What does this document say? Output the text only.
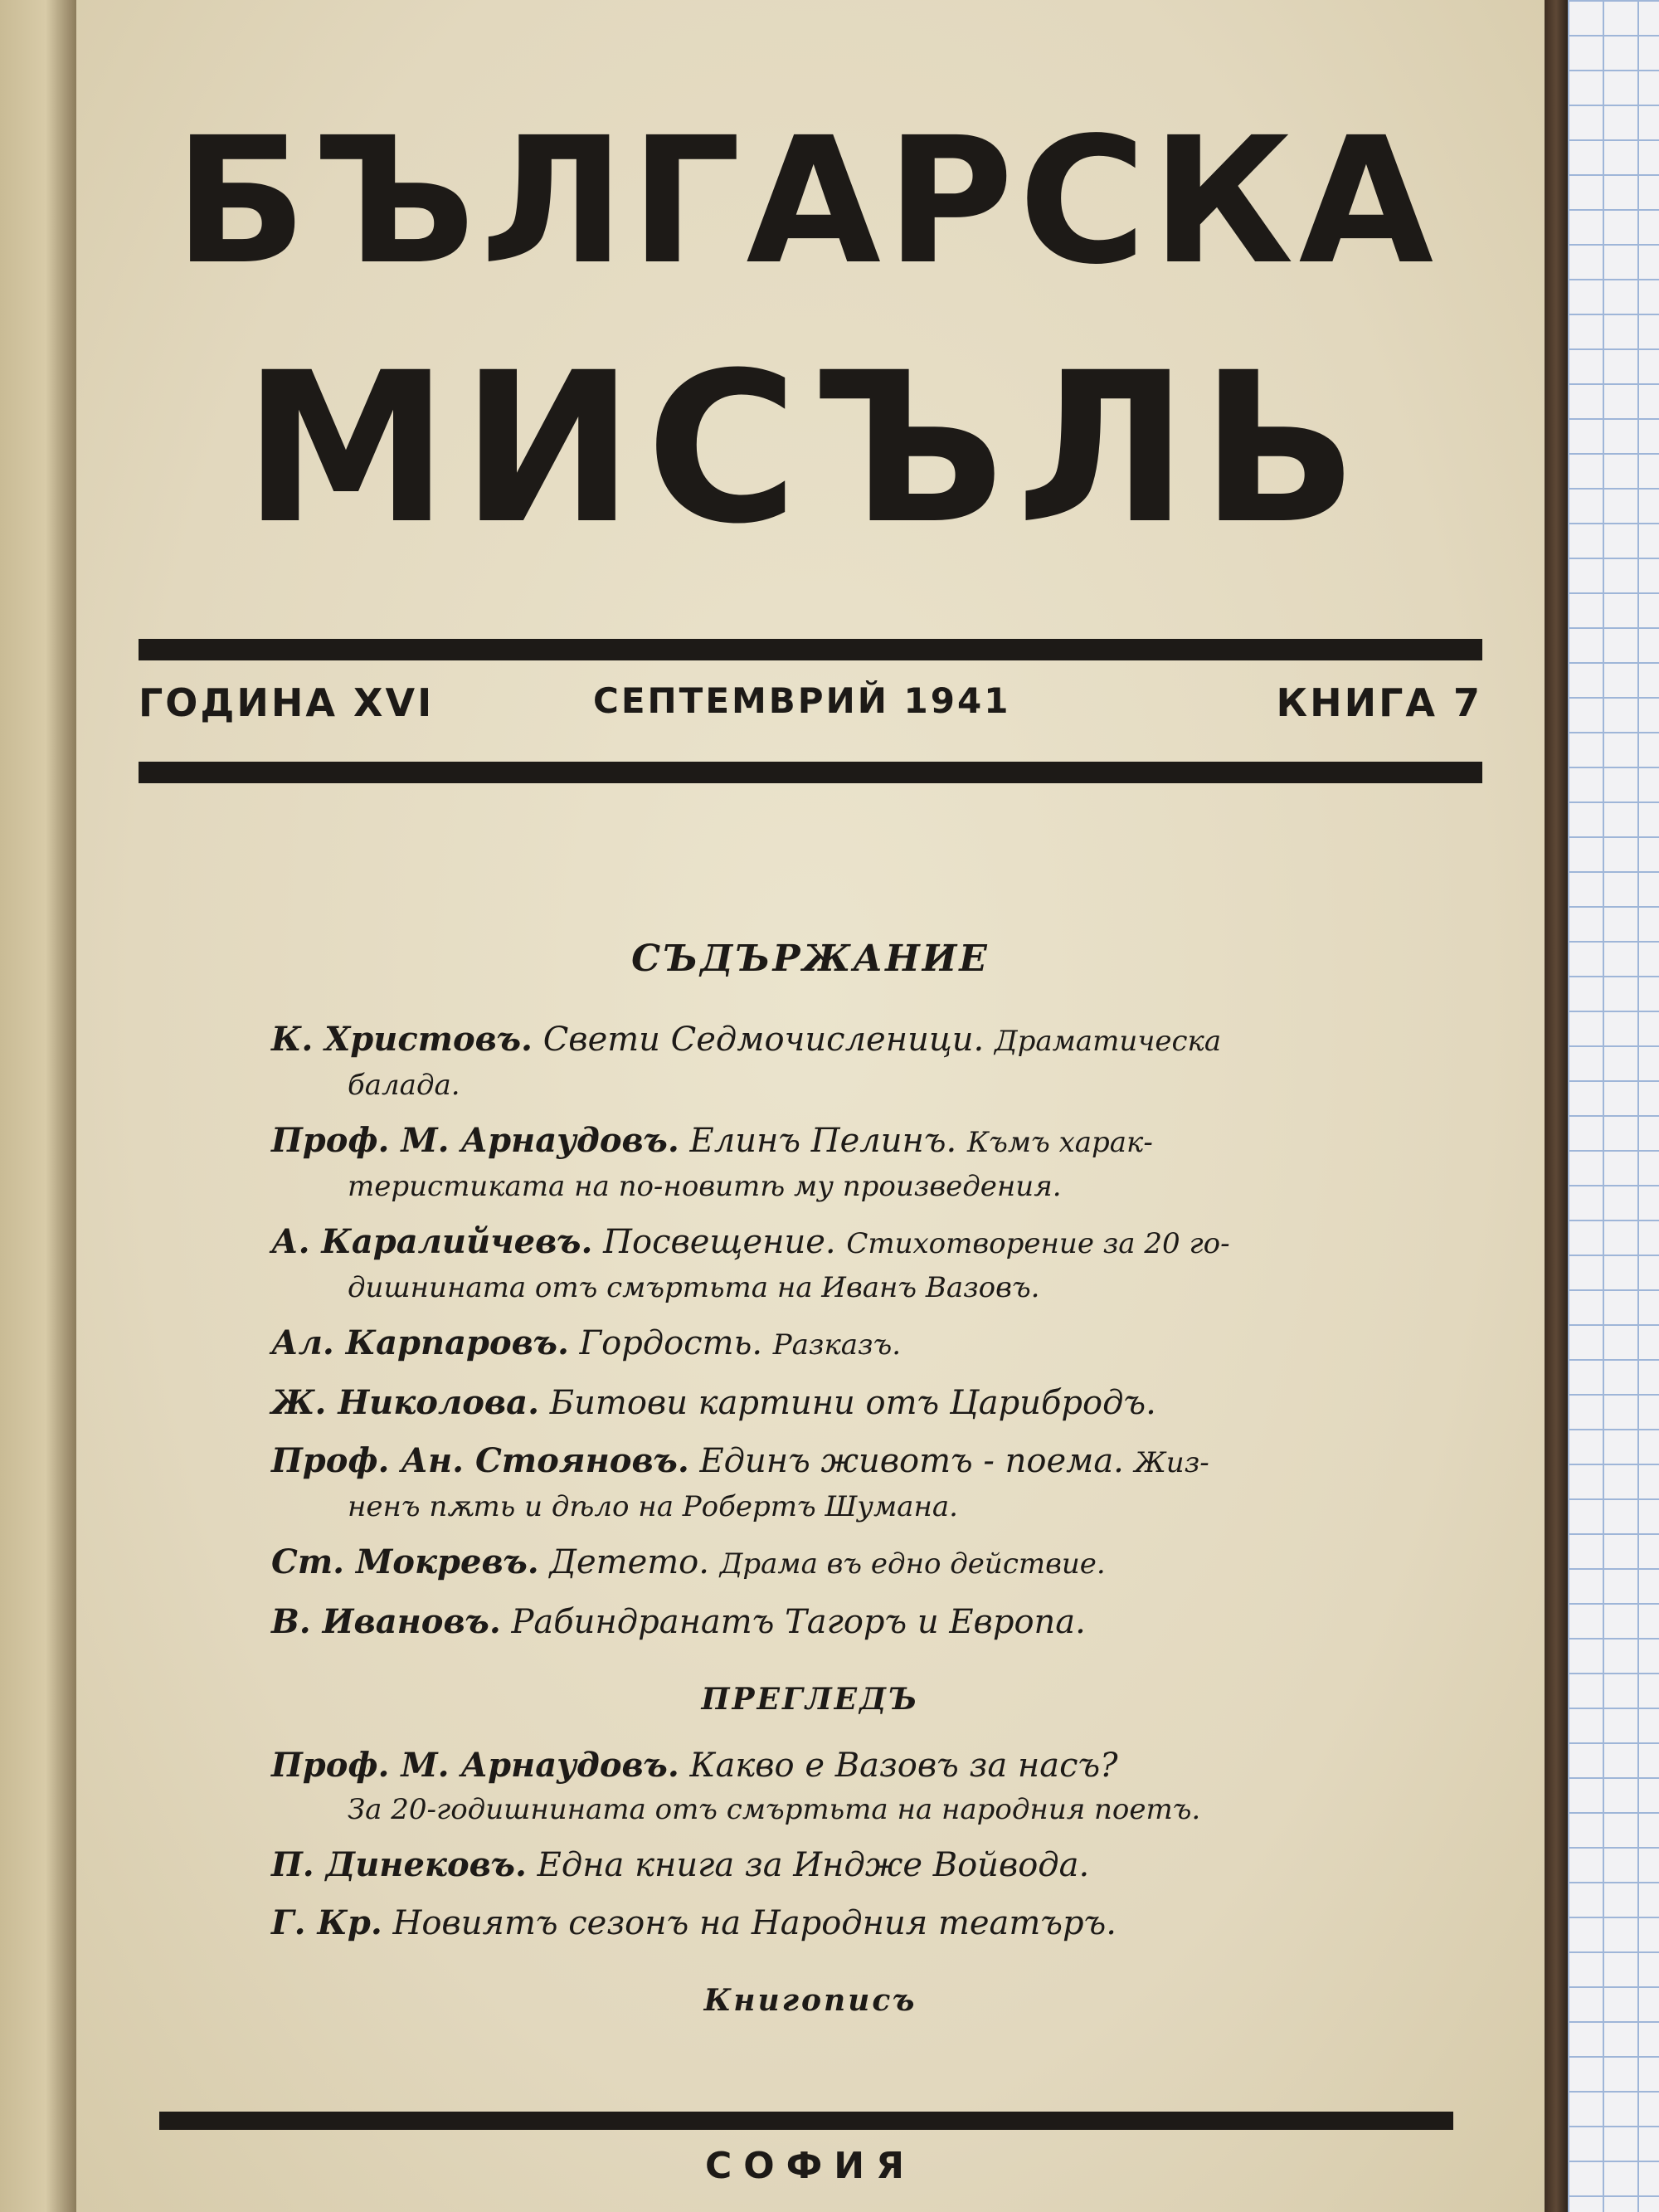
БЪЛГАРСКА
МИСЪЛЬ
ГОДИНА XVI	СЕПТЕМВРИЙ 1941	КНИГА 7
СЪДЪРЖАНИЕ
К. Христовъ. Свети Седмочисленици. Драматическа
балада.
Проф. М. Арнаудовъ. Елинъ Пелинъ. Къмъ харак-
теристиката на по-новитѣ му произведения.
А. Каралийчевъ. Посвещение. Стихотворение за 20 го-
дишнината отъ смъртьта на Иванъ Вазовъ.
Ал. Карпаровъ. Гордость. Разказъ.
Ж. Николова. Битови картини отъ Царибродъ.
Проф. Ан. Стояновъ. Единъ животъ - поема. Жиз-
ненъ пѫть и дѣло на Робертъ Шумана.
Ст. Мокревъ. Детето. Драма въ едно действие.
В. Ивановъ. Рабиндранатъ Тагоръ и Европа.
ПРЕГЛЕДЪ
Проф. М. Арнаудовъ. Какво е Вазовъ за насъ?
За 20-годишнината отъ смъртьта на народния поетъ.
П. Динековъ. Една книга за Инджe Войвода.
Г. Кр. Новиятъ сезонъ на Народния театъръ.
Книгописъ
СОФИЯ
